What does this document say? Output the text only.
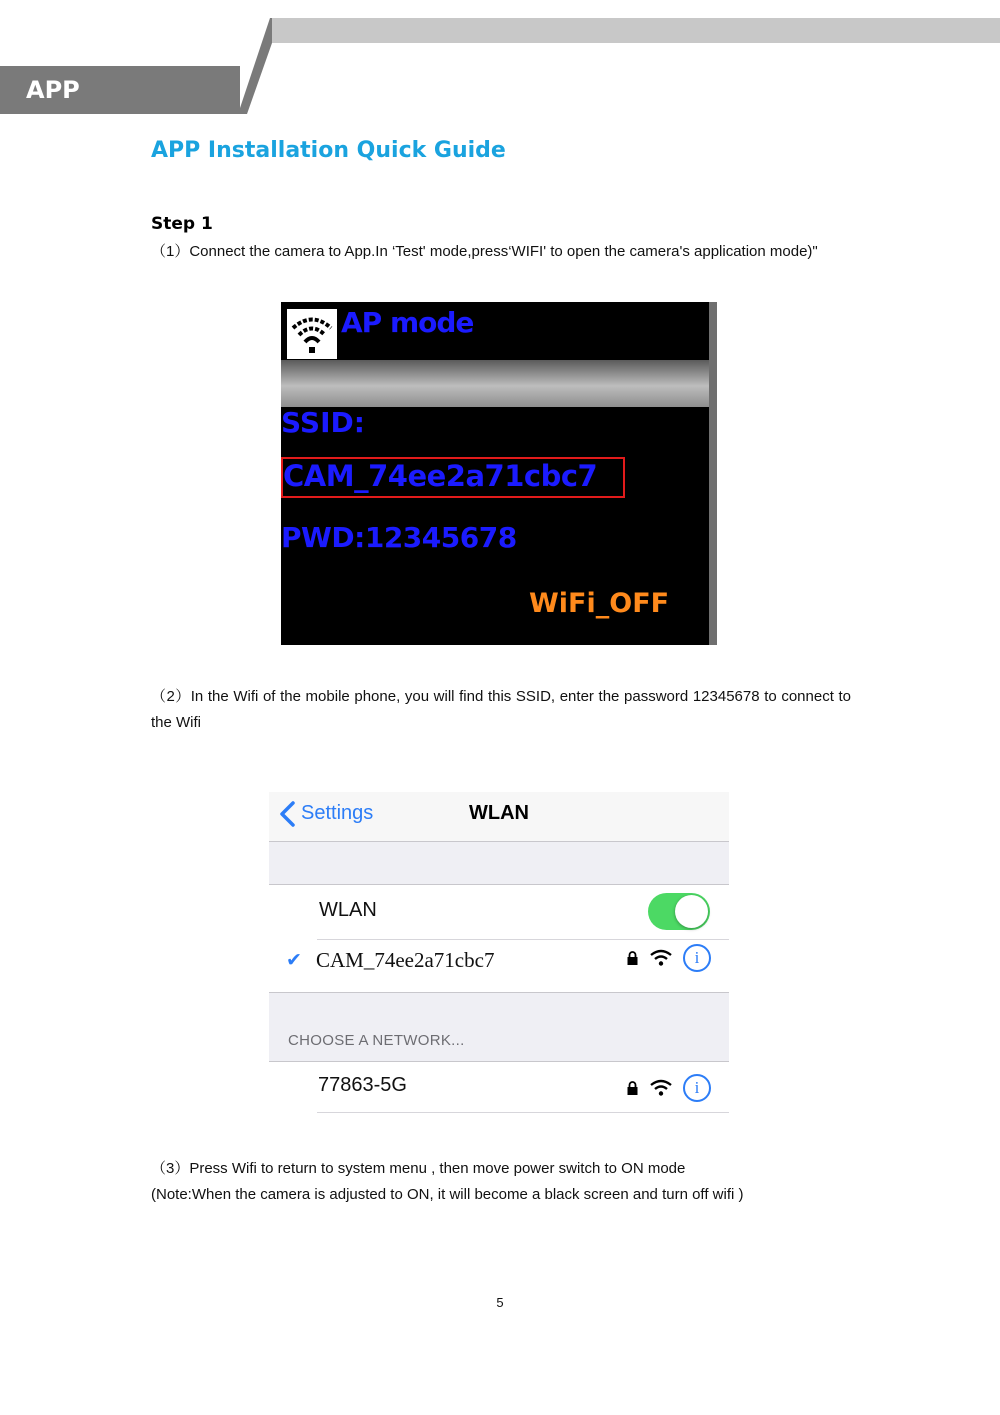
APP Installation
APP Installation Quick Guide
Step 1
（1）Connect the camera to App.In ‘Test' mode,press‘WIFI' to open the camera's application mode)"
AP mode
SSID:
CAM_74ee2a71cbc7
PWD:12345678
WiFi_OFF
（2）In the Wifi of the mobile phone, you will find this SSID, enter the password 12345678 to connect to the Wifi
Settings	WLAN
WLAN
✔ CAM_74ee2a71cbc7	i
CHOOSE A NETWORK...
77863-5G	i
（3）Press Wifi to return to system menu , then move power switch to ON mode
(Note:When the camera is adjusted to ON, it will become a black screen and turn off wifi )
5
